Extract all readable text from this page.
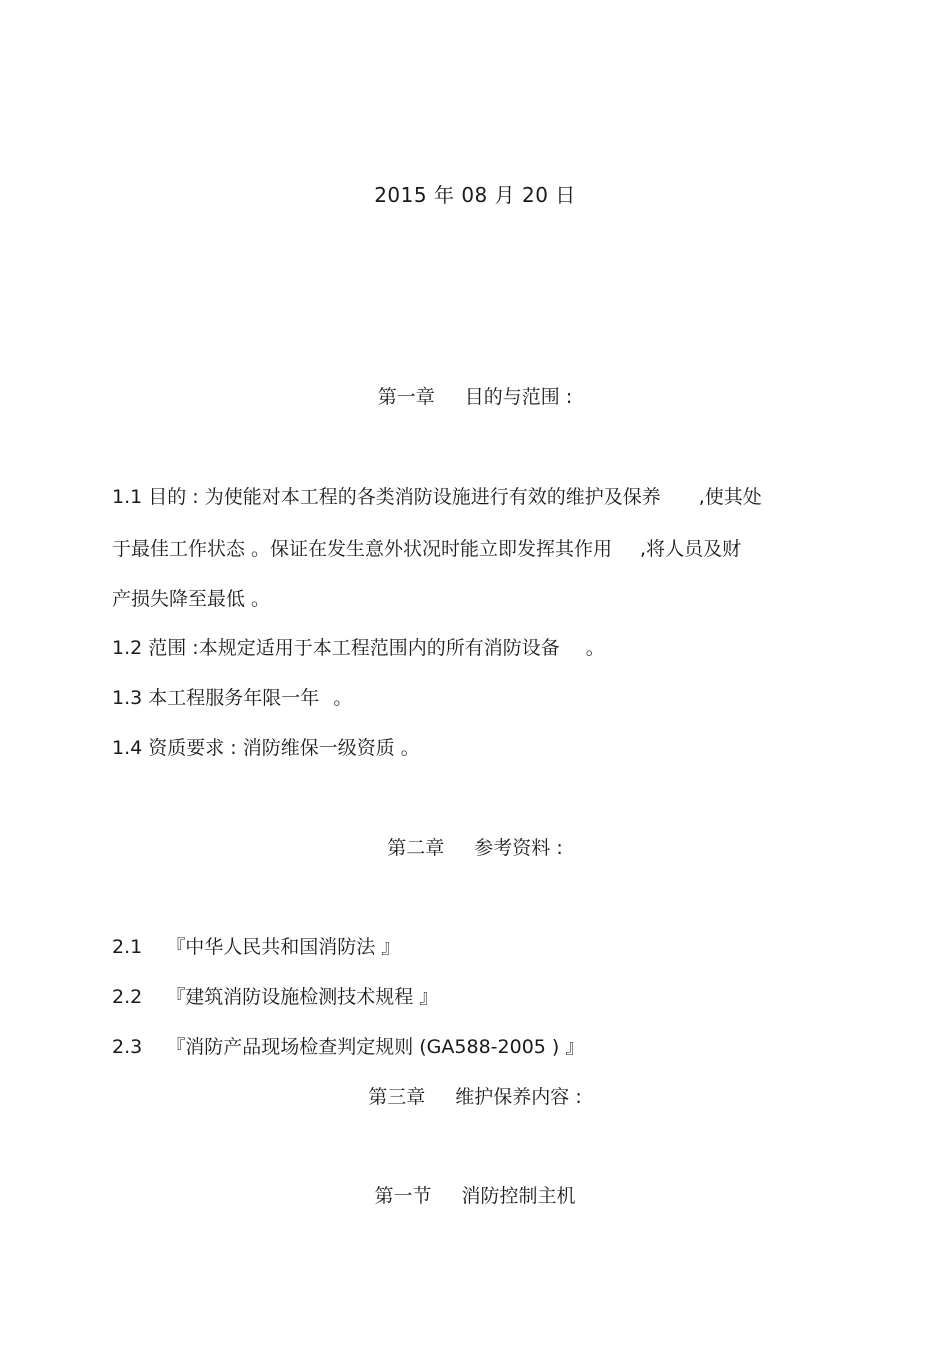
2015 年 08 月 20 日

第一章 目的与范围 :

1.1 目的 : 为使能对本工程的各类消防设施进行有效的维护及保养 ,使其处

于最佳工作状态 。保证在发生意外状况时能立即发挥其作用 ,将人员及财

产损失降至最低 。

1.2 范围 :本规定适用于本工程范围内的所有消防设备 。

1.3 本工程服务年限一年 。

1.4 资质要求 : 消防维保一级资质 。

第二章 参考资料 :

2.1 『中华人民共和国消防法 』

2.2 『建筑消防设施检测技术规程 』

2.3 『消防产品现场检查判定规则 (GA588-2005 ) 』

第三章 维护保养内容 :

第一节 消防控制主机
